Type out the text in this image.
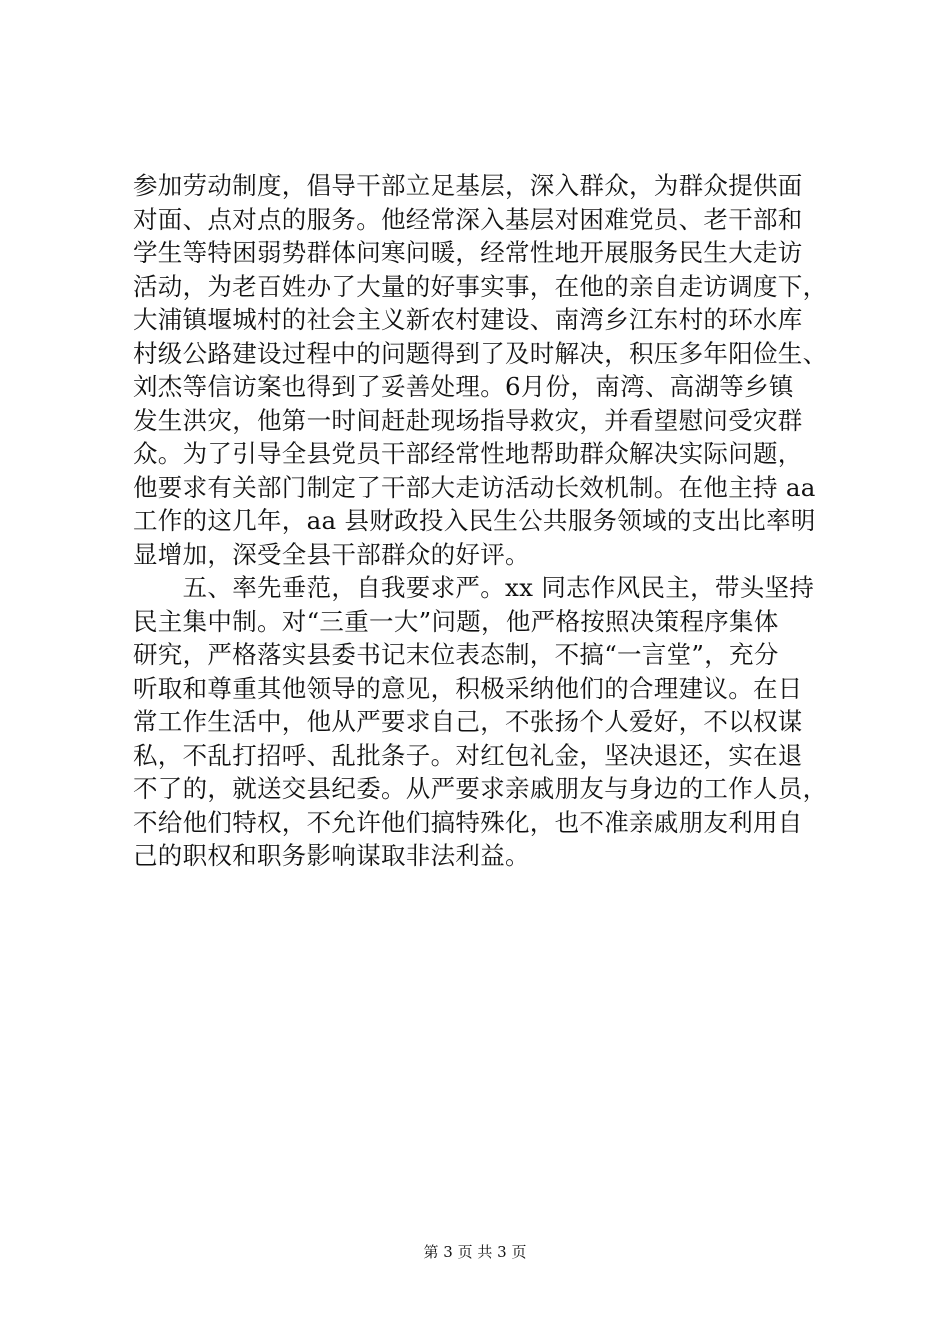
参加劳动制度，倡导干部立足基层，深入群众，为群众提供面
对面、点对点的服务。他经常深入基层对困难党员、老干部和
学生等特困弱势群体问寒问暖，经常性地开展服务民生大走访
活动，为老百姓办了大量的好事实事，在他的亲自走访调度下，
大浦镇堰城村的社会主义新农村建设、南湾乡江东村的环水库
村级公路建设过程中的问题得到了及时解决，积压多年阳俭生、
刘杰等信访案也得到了妥善处理。6月份，南湾、高湖等乡镇
发生洪灾，他第一时间赶赴现场指导救灾，并看望慰问受灾群
众。为了引导全县党员干部经常性地帮助群众解决实际问题，
他要求有关部门制定了干部大走访活动长效机制。在他主持 aa
工作的这几年，aa 县财政投入民生公共服务领域的支出比率明
显增加，深受全县干部群众的好评。
　　五、率先垂范，自我要求严。xx 同志作风民主，带头坚持
民主集中制。对“三重一大”问题，他严格按照决策程序集体
研究，严格落实县委书记末位表态制，不搞“一言堂”，充分
听取和尊重其他领导的意见，积极采纳他们的合理建议。在日
常工作生活中，他从严要求自己，不张扬个人爱好，不以权谋
私，不乱打招呼、乱批条子。对红包礼金，坚决退还，实在退
不了的，就送交县纪委。从严要求亲戚朋友与身边的工作人员，
不给他们特权，不允许他们搞特殊化，也不准亲戚朋友利用自
己的职权和职务影响谋取非法利益。
第 3 页 共 3 页
